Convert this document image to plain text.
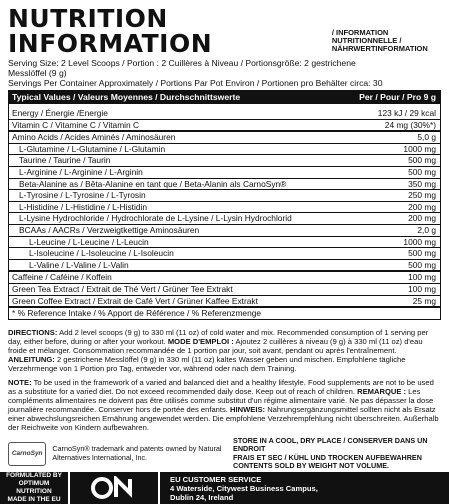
NUTRITION INFORMATION	/ INFORMATION NUTRITIONNELLE /
NÄHRWERTINFORMATION
Serving Size: 2 Level Scoops / Portion : 2 Cuillères à Niveau / Portionsgröße: 2 gestrichene
Messlöffel (9 g)
Servings Per Container Approximately / Portions Par Pot Environ / Portionen pro Behälter circa: 30
Typical Values / Valeurs Moyennes / Durchschnittswerte	Per / Pour / Pro 9 g

Energy / Énergie /Energie	123 kJ / 29 kcal
Vitamin C / Vitamine C / Vitamin C	24 mg (30%*)
Amino Acids / Acides Aminés / Aminosäuren	5,0 g
L-Glutamine / L-Glutamine / L-Glutamin	1000 mg
Taurine / Taurine / Taurin	500 mg
L-Arginine / L-Arginine / L-Arginin	500 mg
Beta-Alanine as / Bêta-Alanine en tant que / Beta-Alanin als CarnoSyn®	350 mg
L-Tyrosine / L-Tyrosine / L-Tyrosin	250 mg
L-Histidine / L-Histidine / L-Histidin	200 mg
L-Lysine Hydrochloride / Hydrochlorate de L-Lysine / L-Lysin Hydrochlorid	200 mg
BCAAs / AACRs / Verzweigtkettige Aminosäuren	2,0 g
L-Leucine / L-Leucine / L-Leucin	1000 mg
L-Isoleucine / L-Isoleucine / L-Isoleucin	500 mg
L-Valine / L-Valine / L-Valin	500 mg
Caffeine / Caféine / Koffein	100 mg
Green Tea Extract / Extrait de Thé Vert / Grüner Tee Extrakt	100 mg
Green Coffee Extract / Extrait de Café Vert / Grüner Kaffee Extrakt	25 mg
* % Reference Intake / % Apport de Référence / % Referenzmenge	

DIRECTIONS: Add 2 level scoops (9 g) to 330 ml (11 oz) of cold water and mix. Recommended consumption of 1 serving per day, either before, during or after your workout. MODE D'EMPLOI : Ajoutez 2 cuillères à niveau (9 g) à 330 ml (11 oz) d'eau froide et mélanger. Consommation recommandée de 1 portion par jour, soit avant, pendant ou après l'entraînement. ANLEITUNG: 2 gestrichene Messlöffel (9 g) in 330 ml (11 oz) kaltes Wasser geben und mischen. Empfohlene tägliche Verzehrmenge von 1 Portion pro Tag, entweder vor, während oder nach dem Training.

NOTE: To be used in the framework of a varied and balanced diet and a healthy lifestyle. Food supplements are not to be used as a substitute for a varied diet. Do not exceed recommended daily dose. Keep out of reach of children. REMARQUE : Les compléments alimentaires ne doivent pas être utilisés comme substitut d'un régime alimentaire varié. Ne pas dépasser la dose journalière recommandée. Conserver hors de portée des enfants. HINWEIS: Nahrungsergänzungsmittel sollten nicht als Ersatz einer abwechslungsreichen Ernährung angewendet werden. Die empfohlene Verzehrempfehlung nicht überschreiten. Außerhalb der Reichweite von Kindern aufbewahren.

CarnoSyn
CarnoSyn® trademark and patents owned by Natural Alternatives International, Inc.
STORE IN A COOL, DRY PLACE / CONSERVER DANS UN ENDROIT
FRAIS ET SEC / KÜHL UND TROCKEN AUFBEWAHREN
CONTENTS SOLD BY WEIGHT NOT VOLUME.
FORMULATED BY
OPTIMUM NUTRITION
MADE IN THE EU
EU CUSTOMER SERVICE
4 Waterside, Citywest Business Campus,
Dublin 24, Ireland
